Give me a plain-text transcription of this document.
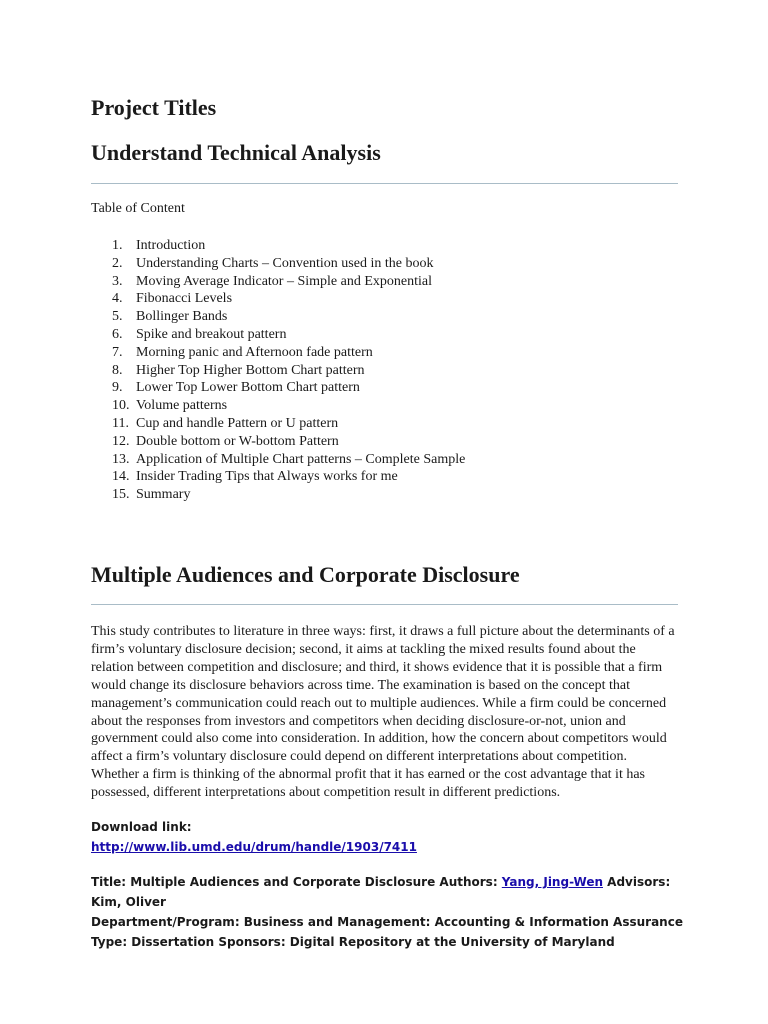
Project Titles
Understand Technical Analysis

Table of Content

1. Introduction
2. Understanding Charts – Convention used in the book
3. Moving Average Indicator – Simple and Exponential
4. Fibonacci Levels
5. Bollinger Bands
6. Spike and breakout pattern
7. Morning panic and Afternoon fade pattern
8. Higher Top Higher Bottom Chart pattern
9. Lower Top Lower Bottom Chart pattern
10. Volume patterns
11. Cup and handle Pattern or U pattern
12. Double bottom or W-bottom Pattern
13. Application of Multiple Chart patterns – Complete Sample
14. Insider Trading Tips that Always works for me
15. Summary
Multiple Audiences and Corporate Disclosure

This study contributes to literature in three ways: first, it draws a full picture about the determinants of a firm’s voluntary disclosure decision; second, it aims at tackling the mixed results found about the relation between competition and disclosure; and third, it shows evidence that it is possible that a firm would change its disclosure behaviors across time. The examination is based on the concept that management’s communication could reach out to multiple audiences. While a firm could be concerned about the responses from investors and competitors when deciding disclosure-or-not, union and government could also come into consideration. In addition, how the concern about competitors would affect a firm’s voluntary disclosure could depend on different interpretations about competition. Whether a firm is thinking of the abnormal profit that it has earned or the cost advantage that it has possessed, different interpretations about competition result in different predictions.

Download link:

http://www.lib.umd.edu/drum/handle/1903/7411
Title: Multiple Audiences and Corporate Disclosure Authors: Yang, Jing-Wen Advisors: Kim, Oliver
Department/Program: Business and Management: Accounting & Information Assurance
Type: Dissertation Sponsors: Digital Repository at the University of Maryland
